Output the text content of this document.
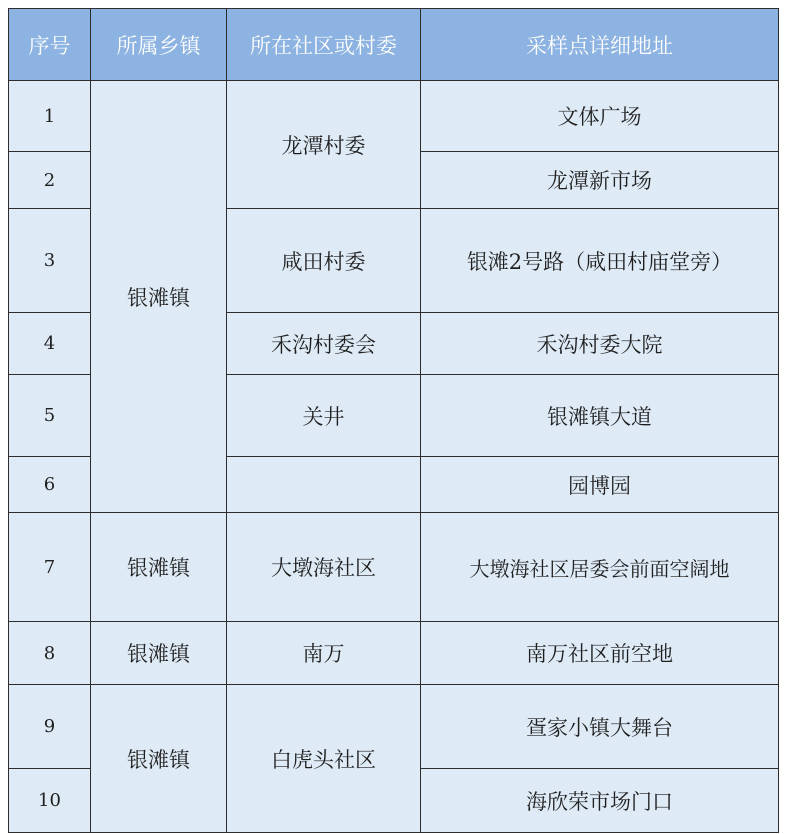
序号	所属乡镇	所在社区或村委	采样点详细地址
1	银滩镇	龙潭村委	文体广场
2			龙潭新市场
3		咸田村委	银滩2号路（咸田村庙堂旁）
4		禾沟村委会	禾沟村委大院
5		关井	银滩镇大道
6			园博园
7	银滩镇	大墩海社区	大墩海社区居委会前面空阔地
8	银滩镇	南万	南万社区前空地
9	银滩镇	白虎头社区	疍家小镇大舞台
10			海欣荣市场门口
